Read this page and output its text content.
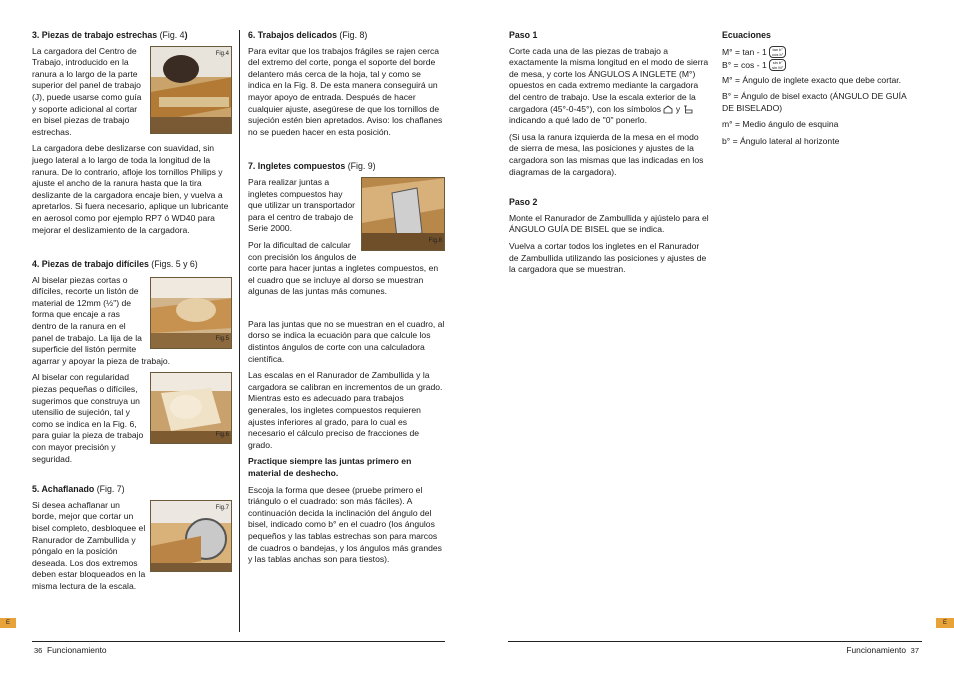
3. Piezas de trabajo estrechas (Fig. 4)
Fig.4

La cargadora del Centro de Trabajo, introducido en la ranura a lo largo de la parte superior del panel de trabajo (J), puede usarse como guía y soporte adicional al cortar en bisel piezas de trabajo estrechas.

La cargadora debe deslizarse con suavidad, sin juego lateral a lo largo de toda la longitud de la ranura. De lo contrario, afloje los tornillos Philips y ajuste el ancho de la ranura hasta que la tira deslizante de la cargadora encaje bien, y vuelva a apretarlos. Si fuera necesario, aplique un lubricante en aerosol como por ejemplo RP7 ó WD40 para mejorar el deslizamiento de la cargadora.

4. Piezas de trabajo difíciles (Figs. 5 y 6)
Fig.5

Al biselar piezas cortas o difíciles, recorte un listón de material de 12mm (½") de forma que encaje a ras dentro de la ranura en el panel de trabajo. La lija de la superficie del listón permite agarrar y apoyar la pieza de trabajo.

Fig.6

Al biselar con regularidad piezas pequeñas o difíciles, sugerimos que construya un utensilio de sujeción, tal y como se indica en la Fig. 6, para guiar la pieza de trabajo con mayor precisión y seguridad.

5. Achaflanado (Fig. 7)
Fig.7

Si desea achaflanar un borde, mejor que cortar un bisel completo, desbloquee el Ranurador de Zambullida y póngalo en la posición deseada. Los dos extremos deben estar bloqueados en la misma lectura de la escala.

6. Trabajos delicados (Fig. 8)

Para evitar que los trabajos frágiles se rajen cerca del extremo del corte, ponga el soporte del borde delantero más cerca de la hoja, tal y como se indica en la Fig. 8. De esta manera conseguirá un mayor apoyo de entrada. Después de hacer cualquier ajuste, asegúrese de que los tornillos de sujeción estén bien apretados. Aviso: los chaflanes no se pueden hacer en esta posición.

7. Ingletes compuestos (Fig. 9)
Fig.8

Para realizar juntas a ingletes compuestos hay que utilizar un transportador para el centro de trabajo de Serie 2000.

Por la dificultad de calcular con precisión los ángulos de corte para hacer juntas a ingletes compuestos, en el cuadro que se incluye al dorso se muestran algunas de las juntas más comunes.

Para las juntas que no se muestran en el cuadro, al dorso se indica la ecuación para que calcule los distintos ángulos de corte con una calculadora científica.

Las escalas en el Ranurador de Zambullida y la cargadora se calibran en incrementos de un grado. Mientras esto es adecuado para trabajos generales, los ingletes compuestos requieren ajustes inferiores al grado, para lo cual es necesario el cálculo preciso de fracciones de grado.

Practique siempre las juntas primero en material de deshecho.

Escoja la forma que desee (pruebe primero el triángulo o el cuadrado: son más fáciles). A continuación decida la inclinación del ángulo del bisel, indicado como b° en el cuadro (los ángulos pequeños y las tablas estrechas son para marcos de cuadros o bandejas, y los ángulos más grandes y las tablas anchas son para tiestos).

E
36 Funcionamiento
Paso 1

Corte cada una de las piezas de trabajo a exactamente la misma longitud en el modo de sierra de mesa, y corte los ÁNGULOS A INGLETE (M°) opuestos en cada extremo mediante la cargadora del centro de trabajo. Use la escala exterior de la cargadora (45°-0-45°), con los símbolos y  indicando a qué lado de "0" ponerlo.

(Si usa la ranura izquierda de la mesa en el modo de sierra de mesa, las posiciones y ajustes de la cargadora son las mismas que las indicadas en los diagramas de la cargadora).

Paso 2

Monte el Ranurador de Zambullida y ajústelo para el ÁNGULO GUÍA DE BISEL que se indica.

Vuelva a cortar todos los ingletes en el Ranurador de Zambullida utilizando las posiciones y ajustes de la cargadora que se muestran.

Ecuaciones
M° = tan - 1 tan b°
cos b°
B° = cos - 1 sin b°
sin M°

M° = Ángulo de inglete exacto que debe cortar.

B° = Ángulo de bisel exacto (ÁNGULO DE GUÍA DE BISELADO)

m° = Medio ángulo de esquina

b° = Ángulo lateral al horizonte

E
Funcionamiento 37
